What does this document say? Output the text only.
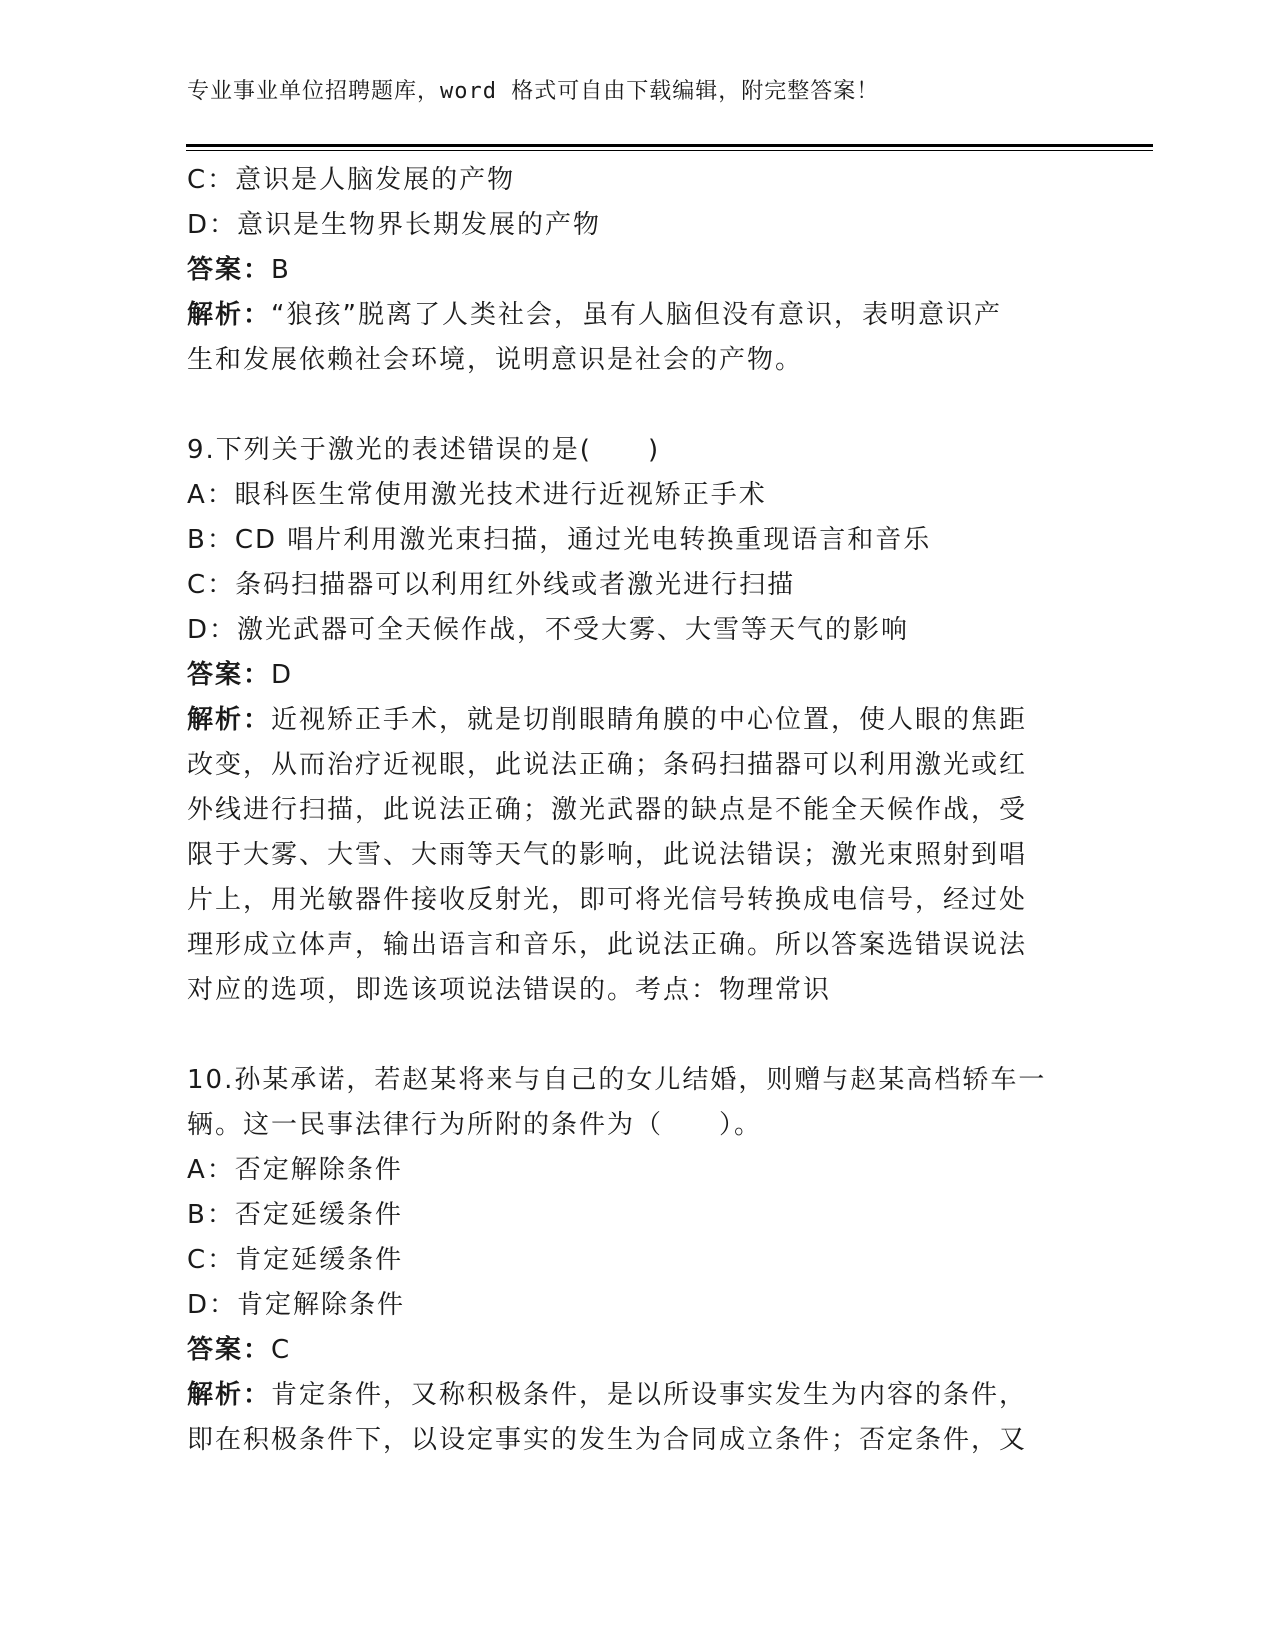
专业事业单位招聘题库，word 格式可自由下载编辑，附完整答案！
C：意识是人脑发展的产物
D：意识是生物界长期发展的产物
答案：B
解析：“狼孩”脱离了人类社会，虽有人脑但没有意识，表明意识产
生和发展依赖社会环境，说明意识是社会的产物。
9.下列关于激光的表述错误的是(　　)
A：眼科医生常使用激光技术进行近视矫正手术
B：CD 唱片利用激光束扫描，通过光电转换重现语言和音乐
C：条码扫描器可以利用红外线或者激光进行扫描
D：激光武器可全天候作战，不受大雾、大雪等天气的影响
答案：D
解析：近视矫正手术，就是切削眼睛角膜的中心位置，使人眼的焦距
改变，从而治疗近视眼，此说法正确；条码扫描器可以利用激光或红
外线进行扫描，此说法正确；激光武器的缺点是不能全天候作战，受
限于大雾、大雪、大雨等天气的影响，此说法错误；激光束照射到唱
片上，用光敏器件接收反射光，即可将光信号转换成电信号，经过处
理形成立体声，输出语言和音乐，此说法正确。所以答案选错误说法
对应的选项，即选该项说法错误的。考点：物理常识
10.孙某承诺，若赵某将来与自己的女儿结婚，则赠与赵某高档轿车一
辆。这一民事法律行为所附的条件为（　　）。
A：否定解除条件
B：否定延缓条件
C：肯定延缓条件
D：肯定解除条件
答案：C
解析：肯定条件，又称积极条件，是以所设事实发生为内容的条件，
即在积极条件下，以设定事实的发生为合同成立条件；否定条件，又
